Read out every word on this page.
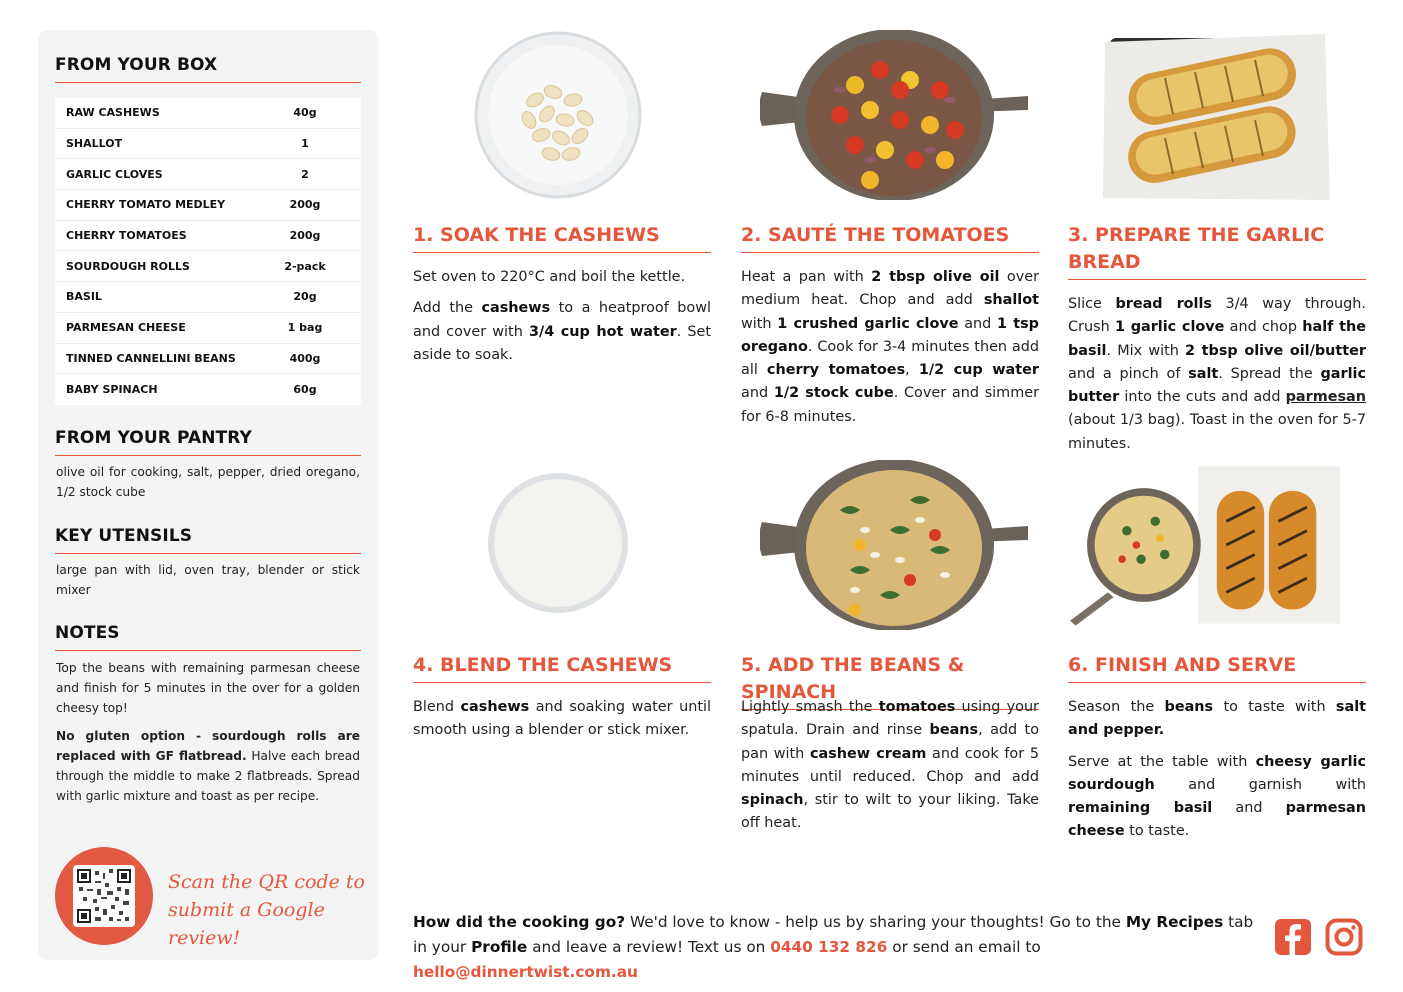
FROM YOUR BOX
RAW CASHEWS	40g
SHALLOT	1
GARLIC CLOVES	2
CHERRY TOMATO MEDLEY	200g
CHERRY TOMATOES	200g
SOURDOUGH ROLLS	2-pack
BASIL	20g
PARMESAN CHEESE	1 bag
TINNED CANNELLINI BEANS	400g
BABY SPINACH	60g
FROM YOUR PANTRY
olive oil for cooking, salt, pepper, dried oregano, 1/2 stock cube
KEY UTENSILS
large pan with lid, oven tray, blender or stick mixer
NOTES

Top the beans with remaining parmesan cheese and finish for 5 minutes in the over for a golden cheesy top!

No gluten option - sourdough rolls are replaced with GF flatbread. Halve each bread through the middle to make 2 flatbreads. Spread with garlic mixture and toast as per recipe.

Scan the QR code to
submit a Google review!
1. SOAK THE CASHEWS

Set oven to 220°C and boil the kettle.

Add the cashews to a heatproof bowl and cover with 3/4 cup hot water. Set aside to soak.

2. SAUTÉ THE TOMATOES

Heat a pan with 2 tbsp olive oil over medium heat. Chop and add shallot with 1 crushed garlic clove and 1 tsp oregano. Cook for 3-4 minutes then add all cherry tomatoes, 1/2 cup water and 1/2 stock cube. Cover and simmer for 6-8 minutes.

3. PREPARE THE GARLIC BREAD

Slice bread rolls 3/4 way through. Crush 1 garlic clove and chop half the basil. Mix with 2 tbsp olive oil/butter and a pinch of salt. Spread the garlic butter into the cuts and add parmesan (about 1/3 bag). Toast in the oven for 5-7 minutes.

4. BLEND THE CASHEWS

Blend cashews and soaking water until smooth using a blender or stick mixer.

5. ADD THE BEANS & SPINACH

Lightly smash the tomatoes using your spatula. Drain and rinse beans, add to pan with cashew cream and cook for 5 minutes until reduced. Chop and add spinach, stir to wilt to your liking. Take off heat.

6. FINISH AND SERVE

Season the beans to taste with salt and pepper.

Serve at the table with cheesy garlic sourdough and garnish with remaining basil and parmesan cheese to taste.

How did the cooking go? We'd love to know - help us by sharing your thoughts! Go to the My Recipes tab in your Profile and leave a review! Text us on 0440 132 826 or send an email to hello@dinnertwist.com.au
